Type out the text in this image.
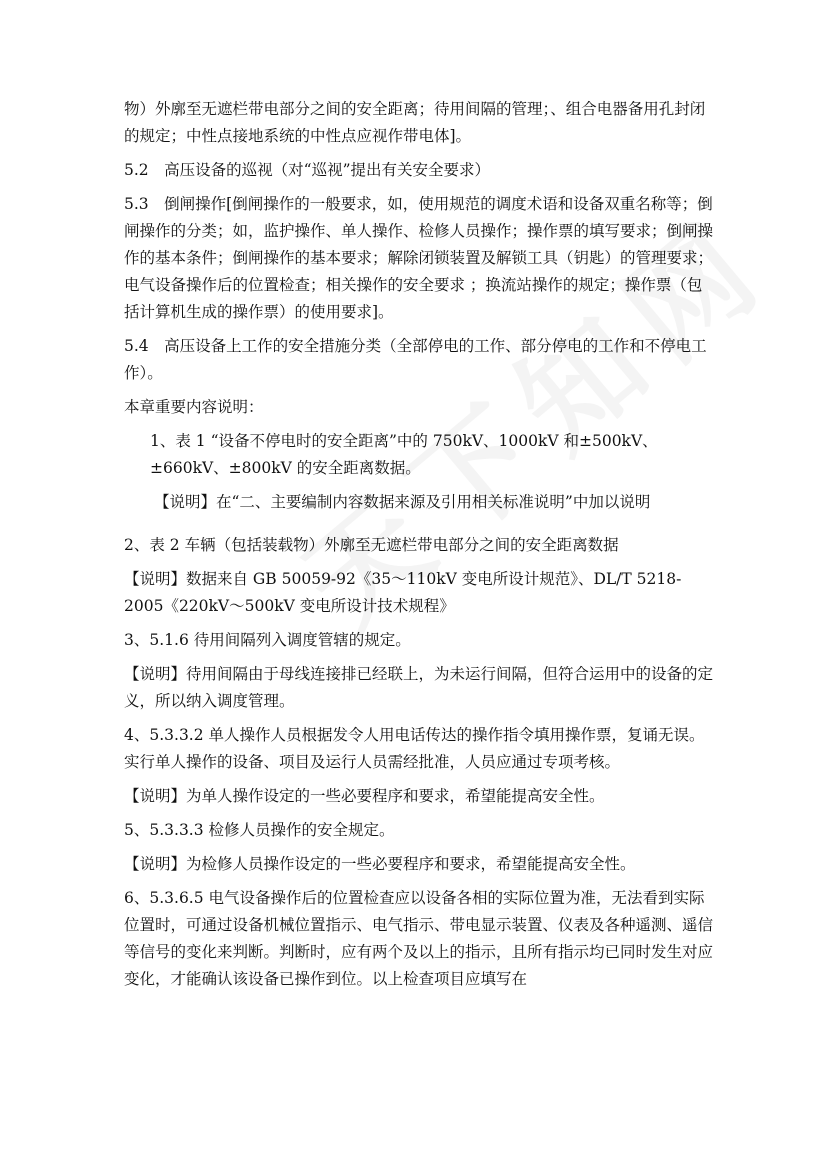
物）外廓至无遮栏带电部分之间的安全距离；待用间隔的管理；、组合电器备用孔封闭的规定；中性点接地系统的中性点应视作带电体]。

5.2　高压设备的巡视（对“巡视”提出有关安全要求）

5.3　倒闸操作[倒闸操作的一般要求，如，使用规范的调度术语和设备双重名称等；倒闸操作的分类；如，监护操作、单人操作、检修人员操作；操作票的填写要求；倒闸操作的基本条件；倒闸操作的基本要求；解除闭锁装置及解锁工具（钥匙）的管理要求；电气设备操作后的位置检查；相关操作的安全要求 ；换流站操作的规定；操作票（包括计算机生成的操作票）的使用要求]。

5.4　高压设备上工作的安全措施分类（全部停电的工作、部分停电的工作和不停电工作）。

本章重要内容说明：

1、表 1 “设备不停电时的安全距离”中的 750kV、1000kV 和±500kV、±660kV、±800kV 的安全距离数据。

【说明】在“二、主要编制内容数据来源及引用相关标准说明”中加以说明

2、表 2 车辆（包括装载物）外廓至无遮栏带电部分之间的安全距离数据

【说明】数据来自 GB 50059-92《35～110kV 变电所设计规范》、DL/T 5218-2005《220kV～500kV 变电所设计技术规程》

3、5.1.6 待用间隔列入调度管辖的规定。

【说明】待用间隔由于母线连接排已经联上，为未运行间隔，但符合运用中的设备的定义，所以纳入调度管理。

4、5.3.3.2 单人操作人员根据发令人用电话传达的操作指令填用操作票，复诵无误。实行单人操作的设备、项目及运行人员需经批准，人员应通过专项考核。

【说明】为单人操作设定的一些必要程序和要求，希望能提高安全性。

5、5.3.3.3 检修人员操作的安全规定。

【说明】为检修人员操作设定的一些必要程序和要求，希望能提高安全性。

6、5.3.6.5 电气设备操作后的位置检查应以设备各相的实际位置为准，无法看到实际位置时，可通过设备机械位置指示、电气指示、带电显示装置、仪表及各种遥测、遥信等信号的变化来判断。判断时，应有两个及以上的指示，且所有指示均已同时发生对应变化，才能确认该设备已操作到位。以上检查项目应填写在
